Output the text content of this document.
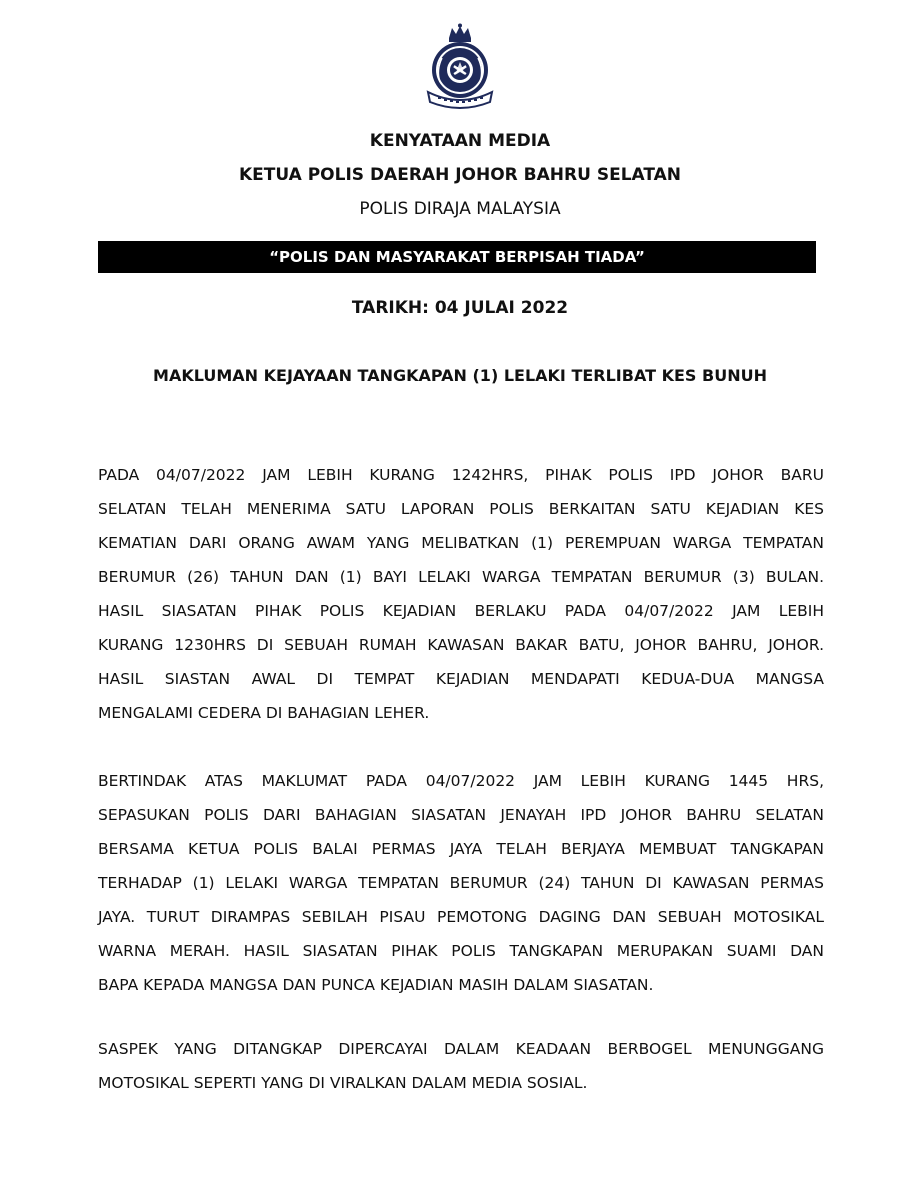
KENYATAAN MEDIA
KETUA POLIS DAERAH JOHOR BAHRU SELATAN
POLIS DIRAJA MALAYSIA
“POLIS DAN MASYARAKAT BERPISAH TIADA”
TARIKH: 04 JULAI 2022
MAKLUMAN KEJAYAAN TANGKAPAN (1) LELAKI TERLIBAT KES BUNUH
PADA 04/07/2022 JAM LEBIH KURANG 1242HRS, PIHAK POLIS IPD JOHOR BARU
SELATAN TELAH MENERIMA SATU LAPORAN POLIS BERKAITAN SATU KEJADIAN KES
KEMATIAN DARI ORANG AWAM YANG MELIBATKAN (1) PEREMPUAN WARGA TEMPATAN
BERUMUR (26) TAHUN DAN (1) BAYI LELAKI WARGA TEMPATAN BERUMUR (3) BULAN.
HASIL SIASATAN PIHAK POLIS KEJADIAN BERLAKU PADA 04/07/2022 JAM LEBIH
KURANG 1230HRS DI SEBUAH RUMAH KAWASAN BAKAR BATU, JOHOR BAHRU, JOHOR.
HASIL SIASTAN AWAL DI TEMPAT KEJADIAN MENDAPATI KEDUA-DUA MANGSA
MENGALAMI CEDERA DI BAHAGIAN LEHER.
BERTINDAK ATAS MAKLUMAT PADA 04/07/2022 JAM LEBIH KURANG 1445 HRS,
SEPASUKAN POLIS DARI BAHAGIAN SIASATAN JENAYAH IPD JOHOR BAHRU SELATAN
BERSAMA KETUA POLIS BALAI PERMAS JAYA TELAH BERJAYA MEMBUAT TANGKAPAN
TERHADAP (1) LELAKI WARGA TEMPATAN BERUMUR (24) TAHUN DI KAWASAN PERMAS
JAYA. TURUT DIRAMPAS SEBILAH PISAU PEMOTONG DAGING DAN SEBUAH MOTOSIKAL
WARNA MERAH. HASIL SIASATAN PIHAK POLIS TANGKAPAN MERUPAKAN SUAMI DAN
BAPA KEPADA MANGSA DAN PUNCA KEJADIAN MASIH DALAM SIASATAN.
SASPEK YANG DITANGKAP DIPERCAYAI DALAM KEADAAN BERBOGEL MENUNGGANG
MOTOSIKAL SEPERTI YANG DI VIRALKAN DALAM MEDIA SOSIAL.
